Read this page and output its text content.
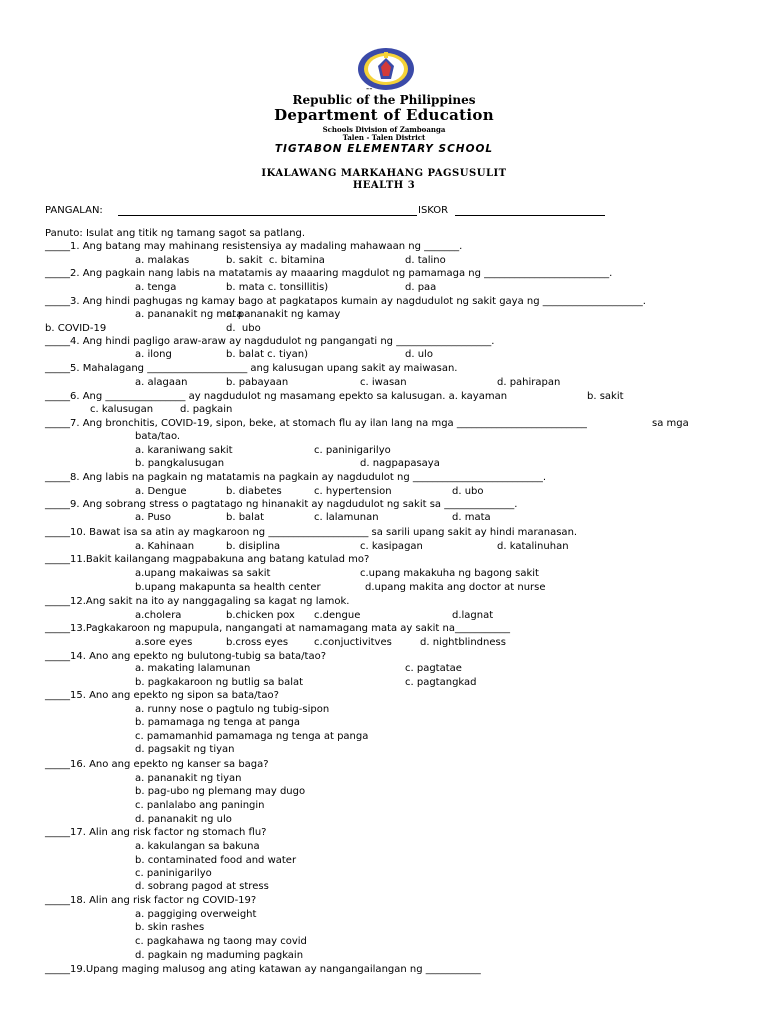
--
Republic of the Philippines
Department of Education
Schools Division of Zamboanga
Talen - Talen District
TIGTABON ELEMENTARY SCHOOL
IKALAWANG MARKAHANG PAGSUSULIT
HEALTH 3
PANGALAN:	ISKOR
Panuto: Isulat ang titik ng tamang sagot sa patlang.
_____1. Ang batang may mahinang resistensiya ay madaling mahawaan ng _______.
a. malakas	b. sakit  c. bitamina	d. talino
_____2. Ang pagkain nang labis na matatamis ay maaaring magdulot ng pamamaga ng _________________________.
a. tenga	b. mata c. tonsillitis)	d. paa
_____3. Ang hindi paghugas ng kamay bago at pagkatapos kumain ay nagdudulot ng sakit gaya ng ____________________.
a. pananakit ng mata
c. pananakit ng kamay
b. COVID-19	d.  ubo
_____4. Ang hindi pagligo araw-araw ay nagdudulot ng pangangati ng ___________________.
a. ilong	b. balat c. tiyan)	d. ulo
_____5. Mahalagang ____________________ ang kalusugan upang sakit ay maiwasan.
a. alagaan	b. pabayaan	c. iwasan	d. pahirapan
_____6. Ang ________________ ay nagdudulot ng masamang epekto sa kalusugan. a. kayaman	b. sakit
c. kalusugan	d. pagkain
_____7. Ang bronchitis, COVID-19, sipon, beke, at stomach flu ay ilan lang na mga __________________________	sa mga
bata/tao.
a. karaniwang sakit	c. paninigarilyo
b. pangkalusugan	d. nagpapasaya
_____8. Ang labis na pagkain ng matatamis na pagkain ay nagdudulot ng __________________________.
a. Dengue	b. diabetes	c. hypertension	d. ubo
_____9. Ang sobrang stress o pagtatago ng hinanakit ay nagdudulot ng sakit sa ______________.
a. Puso	b. balat	c. lalamunan	d. mata
_____10. Bawat isa sa atin ay magkaroon ng ____________________ sa sarili upang sakit ay hindi maranasan.
a. Kahinaan	b. disiplina	c. kasipagan	d. katalinuhan
_____11.Bakit kailangang magpabakuna ang batang katulad mo?
a.upang makaiwas sa sakit	c.upang makakuha ng bagong sakit
b.upang makapunta sa health center	d.upang makita ang doctor at nurse
_____12.Ang sakit na ito ay nanggagaling sa kagat ng lamok.
a.cholera	b.chicken pox c.dengue	d.lagnat
_____13.Pagkakaroon ng mapupula, nangangati at namamagang mata ay sakit na___________
a.sore eyes	b.cross eyes	c.conjuctivitves	d. nightblindness
_____14. Ano ang epekto ng bulutong-tubig sa bata/tao?
a. makating lalamunan	c. pagtatae
b. pagkakaroon ng butlig sa balat	c. pagtangkad
_____15. Ano ang epekto ng sipon sa bata/tao?
a. runny nose o pagtulo ng tubig-sipon
b. pamamaga ng tenga at panga
c. pamamanhid pamamaga ng tenga at panga
d. pagsakit ng tiyan
_____16. Ano ang epekto ng kanser sa baga?
a. pananakit ng tiyan
b. pag-ubo ng plemang may dugo
c. panlalabo ang paningin
d. pananakit ng ulo
_____17. Alin ang risk factor ng stomach flu?
a. kakulangan sa bakuna
b. contaminated food and water
c. paninigarilyo
d. sobrang pagod at stress
_____18. Alin ang risk factor ng COVID-19?
a. paggiging overweight
b. skin rashes
c. pagkahawa ng taong may covid
d. pagkain ng maduming pagkain
_____19.Upang maging malusog ang ating katawan ay nangangailangan ng ___________
